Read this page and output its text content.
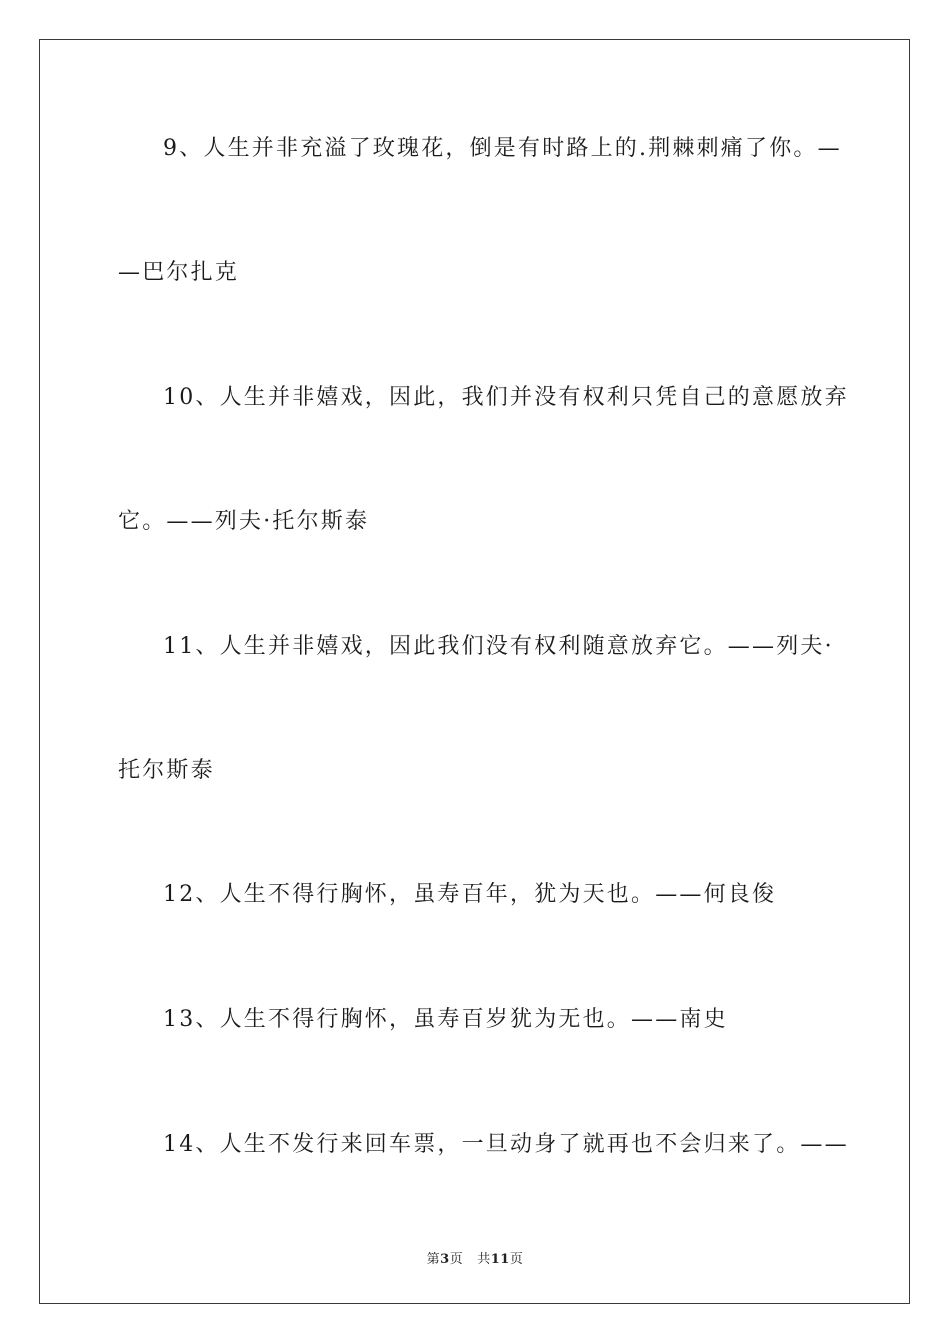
9、人生并非充溢了玫瑰花，倒是有时路上的.荆棘刺痛了你。—
—巴尔扎克
10、人生并非嬉戏，因此，我们并没有权利只凭自己的意愿放弃
它。——列夫·托尔斯泰
11、人生并非嬉戏，因此我们没有权利随意放弃它。——列夫·
托尔斯泰
12、人生不得行胸怀，虽寿百年，犹为天也。——何良俊
13、人生不得行胸怀，虽寿百岁犹为无也。——南史
14、人生不发行来回车票，一旦动身了就再也不会归来了。——
第3页 共11页
